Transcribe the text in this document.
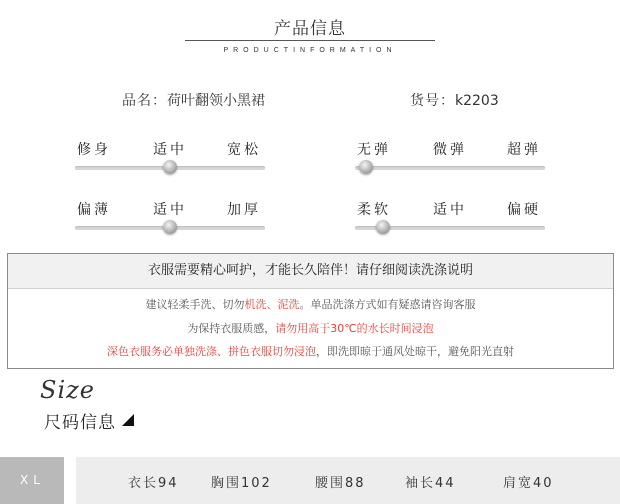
产品信息
PRODUCTINFORMATION
品名：荷叶翻领小黑裙	货号：k2203
修身	适中	宽松	无弹	微弹	超弹
偏薄	适中	加厚	柔软	适中	偏硬
衣服需要精心呵护，才能长久陪伴！请仔细阅读洗涤说明
建议轻柔手洗、切勿机洗、泥洗。单品洗涤方式如有疑惑请咨询客服
为保持衣服质感，请勿用高于30℃的水长时间浸泡
深色衣服务必单独洗涤、拼色衣服切勿浸泡，即洗即晾于通风处晾干，避免阳光直射
Size
尺码信息
XL	衣长94 胸围102	腰围88	袖长44	肩宽40
